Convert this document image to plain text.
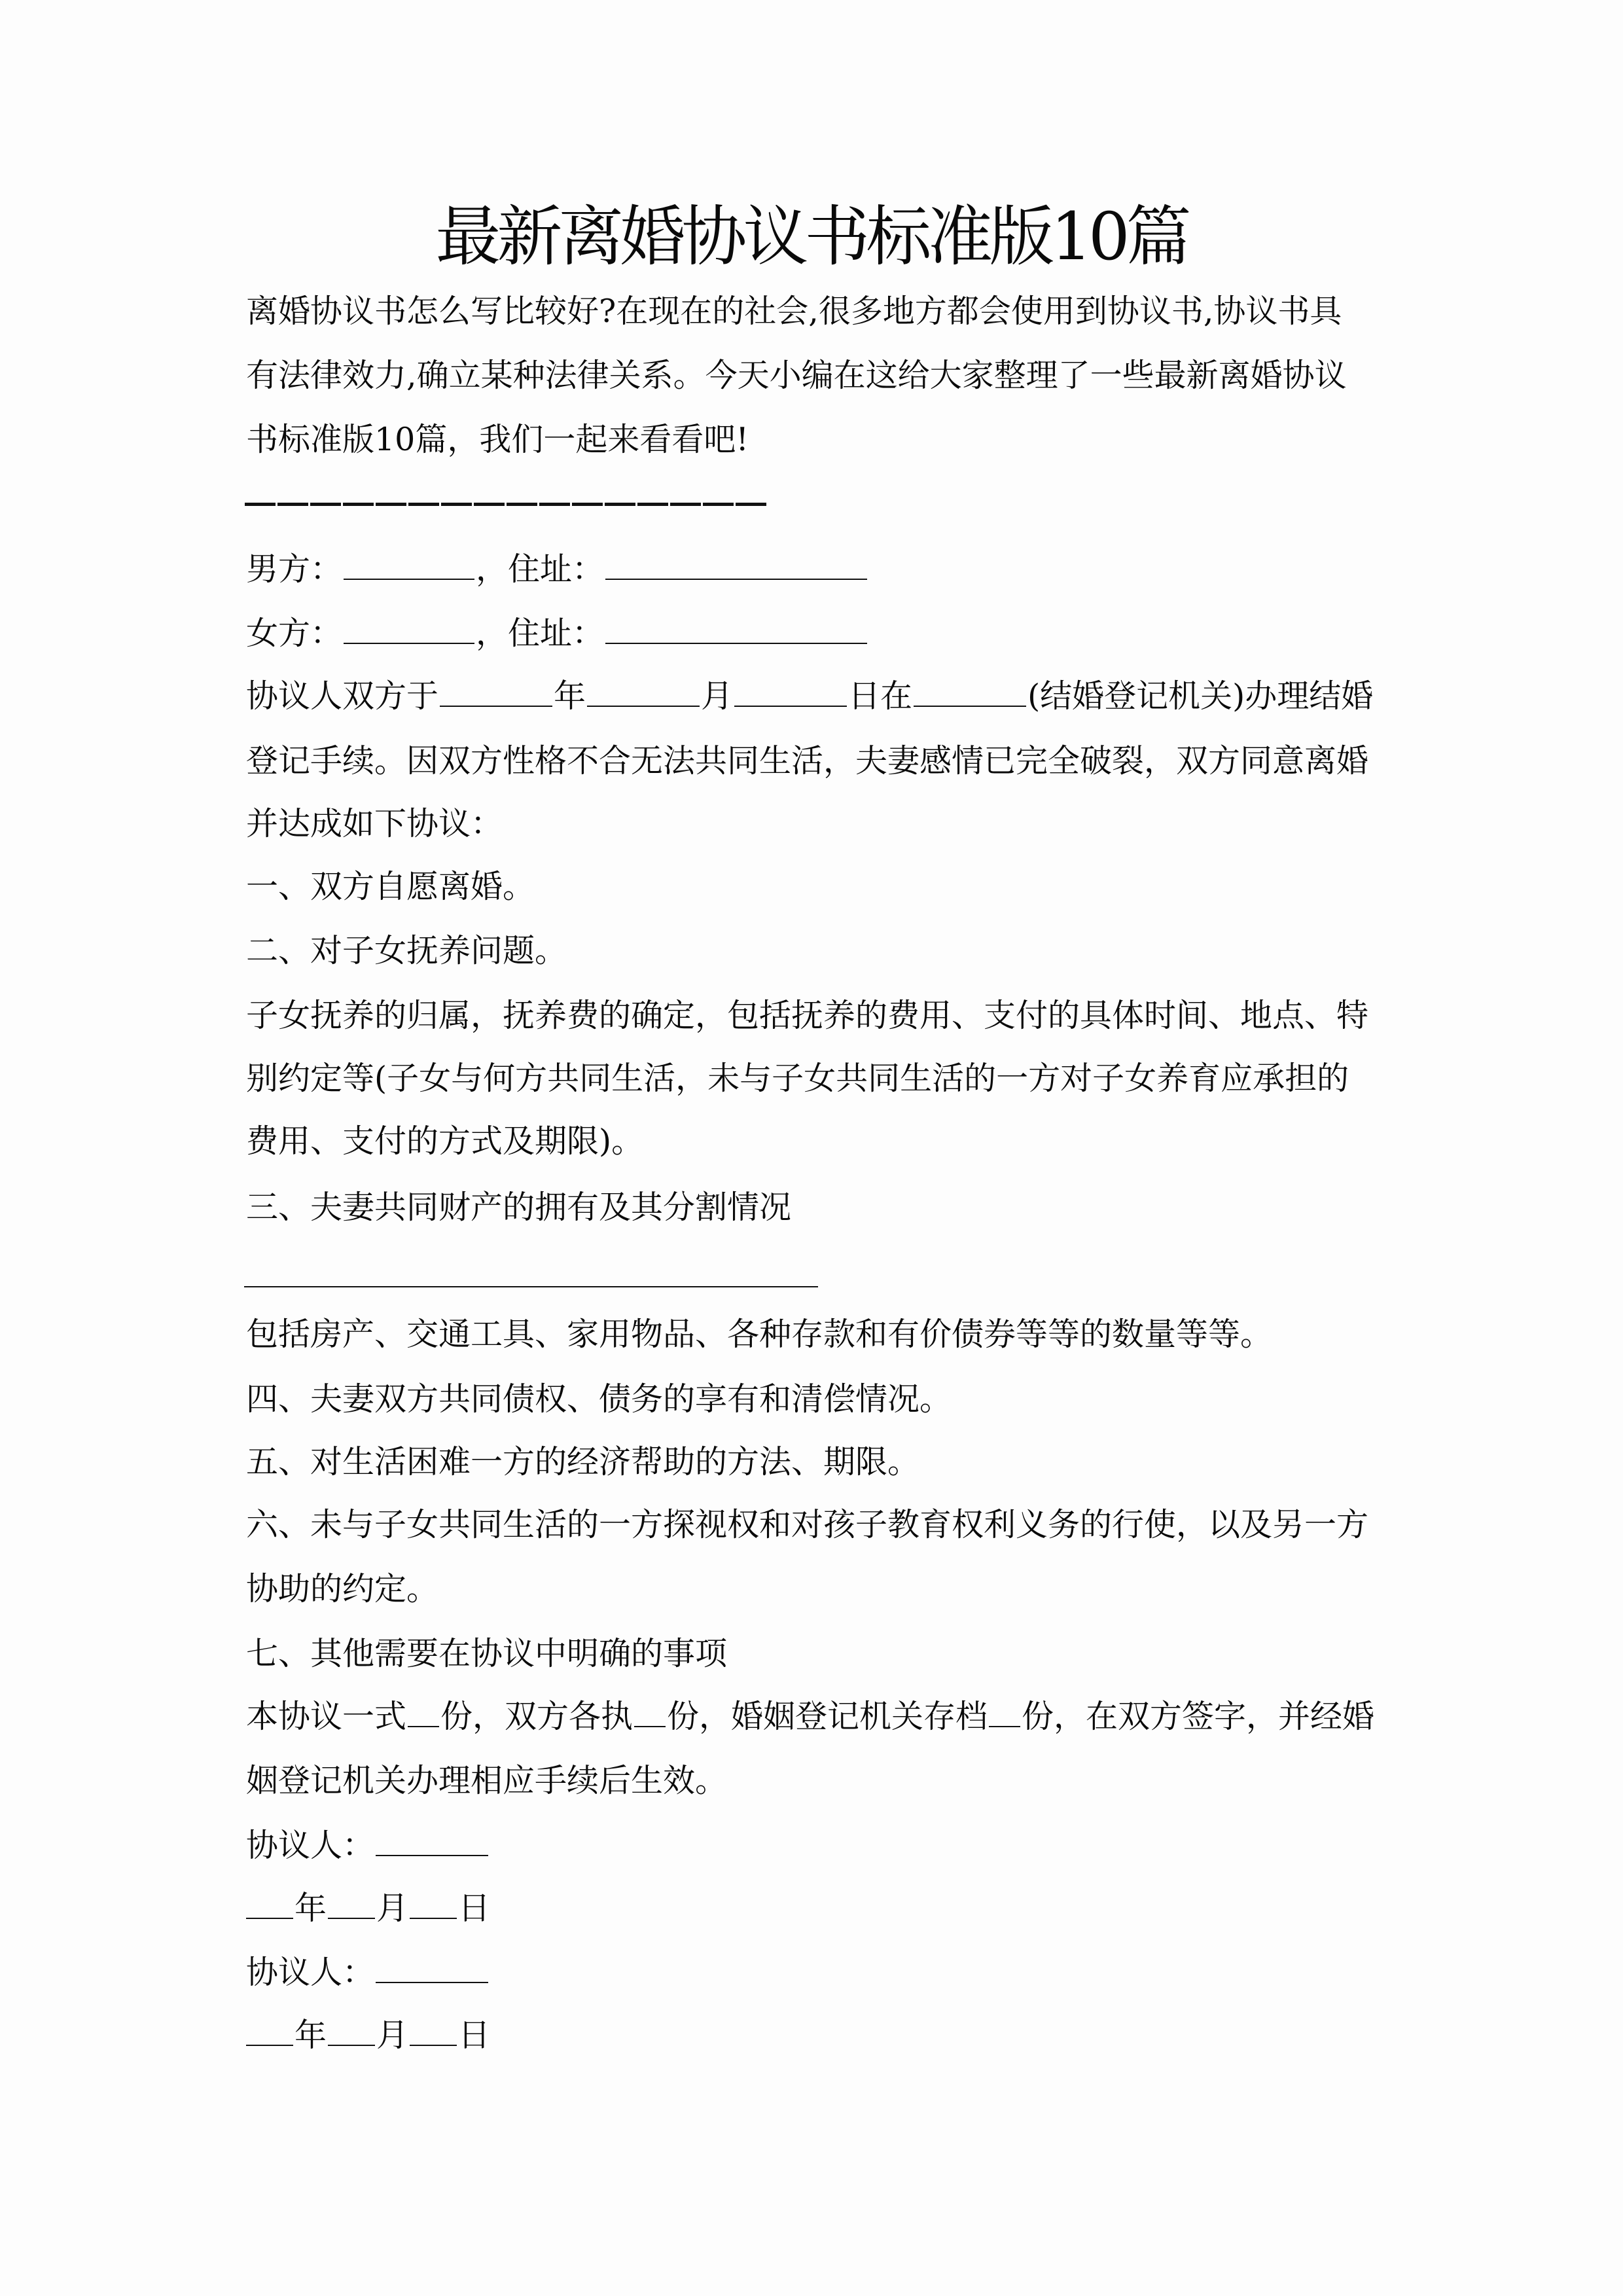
最新离婚协议书标准版10篇
离婚协议书怎么写比较好?在现在的社会,很多地方都会使用到协议书,协议书具
有法律效力,确立某种法律关系。今天小编在这给大家整理了一些最新离婚协议
书标准版10篇，我们一起来看看吧!
男方：	，住址：
女方：	，住址：
协议人双方于	年	月	日在	(结婚登记机关)办理结婚
登记手续。因双方性格不合无法共同生活，夫妻感情已完全破裂，双方同意离婚
并达成如下协议：
一、双方自愿离婚。
二、对子女抚养问题。
子女抚养的归属，抚养费的确定，包括抚养的费用、支付的具体时间、地点、特
别约定等(子女与何方共同生活，未与子女共同生活的一方对子女养育应承担的
费用、支付的方式及期限)。
三、夫妻共同财产的拥有及其分割情况
包括房产、交通工具、家用物品、各种存款和有价债券等等的数量等等。
四、夫妻双方共同债权、债务的享有和清偿情况。
五、对生活困难一方的经济帮助的方法、期限。
六、未与子女共同生活的一方探视权和对孩子教育权利义务的行使，以及另一方
协助的约定。
七、其他需要在协议中明确的事项
本协议一式 份，双方各执 份，婚姻登记机关存档 份，在双方签字，并经婚
姻登记机关办理相应手续后生效。
协议人：
年 月 日
协议人：
年 月 日
